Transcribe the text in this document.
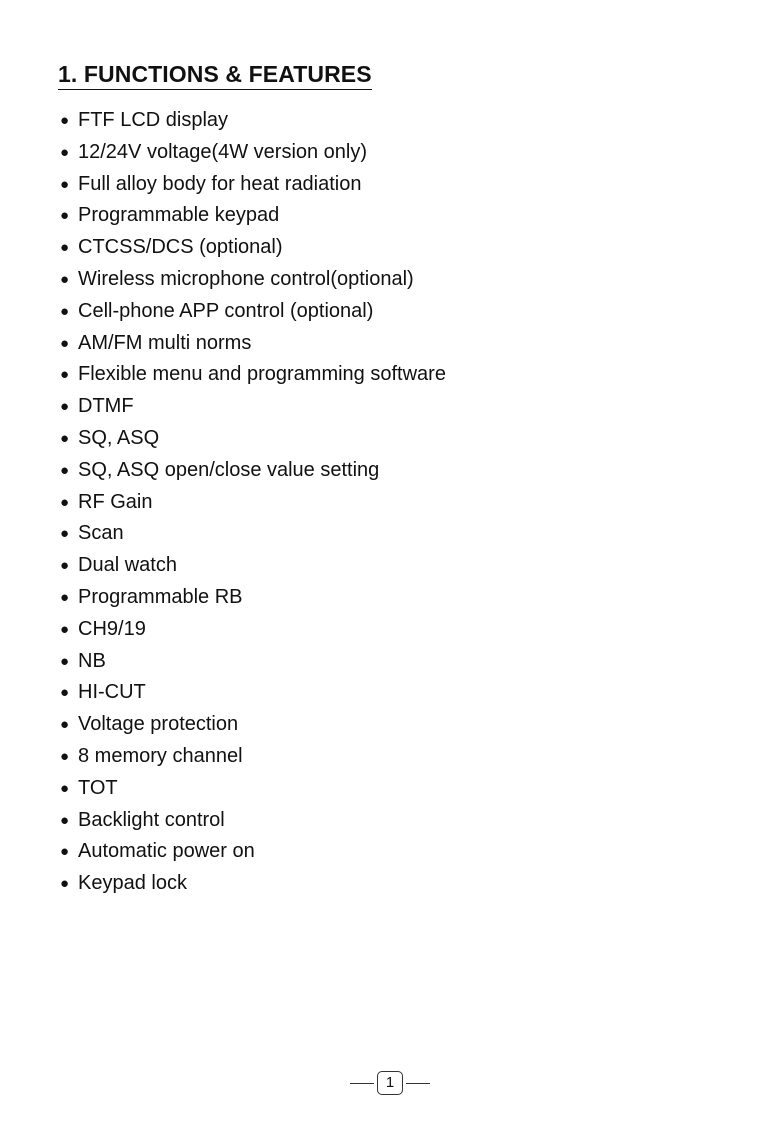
1. FUNCTIONS & FEATURES
● FTF LCD display
● 12/24V voltage(4W version only)
● Full alloy body for heat radiation
● Programmable keypad
● CTCSS/DCS (optional)
● Wireless microphone control(optional)
● Cell-phone APP control (optional)
● AM/FM multi norms
● Flexible menu and programming software
● DTMF
● SQ, ASQ
● SQ, ASQ open/close value setting
● RF Gain
● Scan
● Dual watch
● Programmable RB
● CH9/19
● NB
● HI-CUT
● Voltage protection
● 8 memory channel
● TOT
● Backlight control
● Automatic power on
● Keypad lock
1
